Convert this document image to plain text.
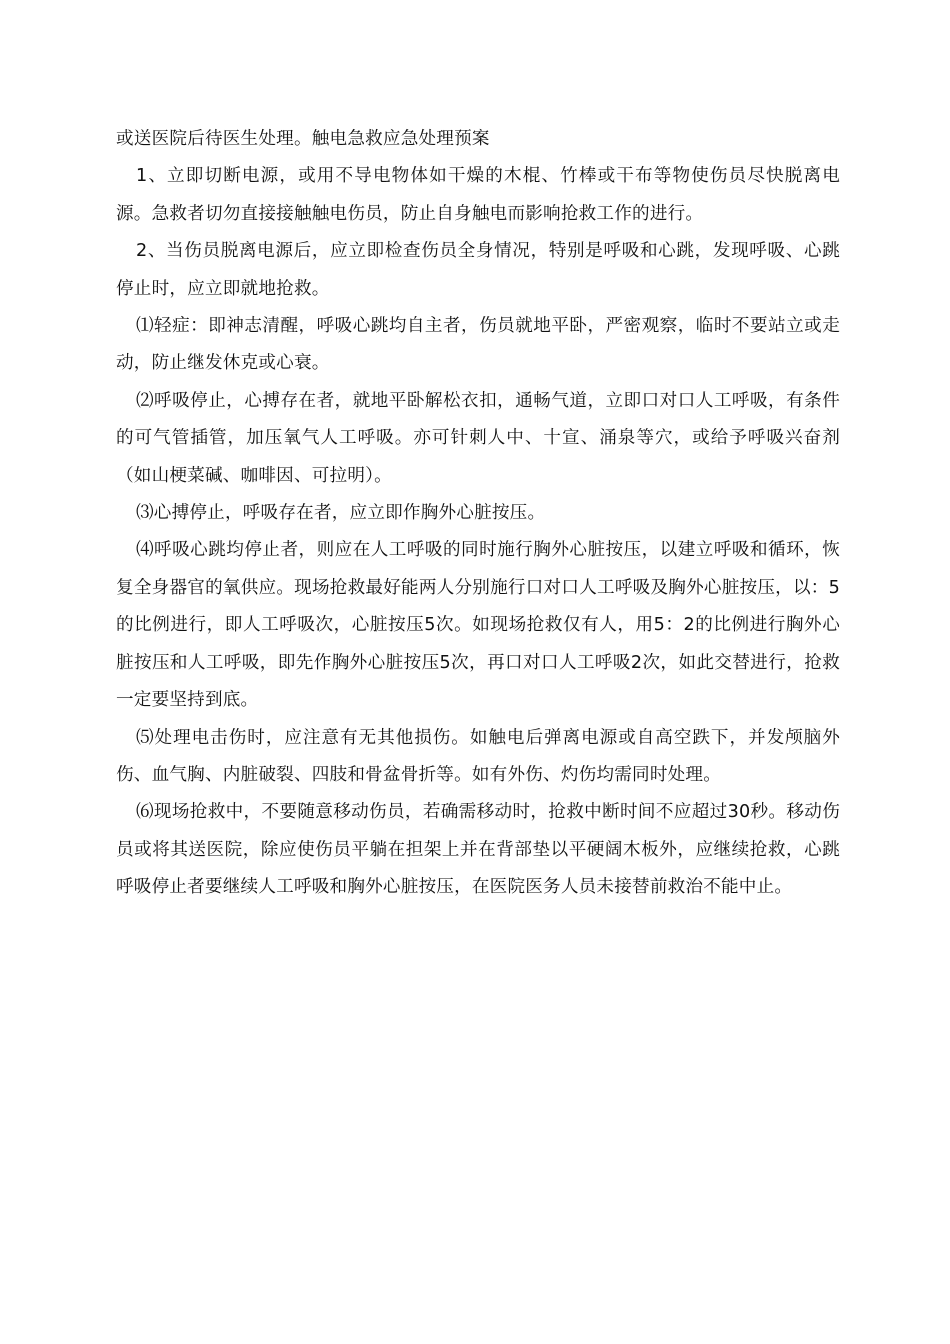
或送医院后待医生处理。触电急救应急处理预案

1、立即切断电源，或用不导电物体如干燥的木棍、竹棒或干布等物使伤员尽快脱离电源。急救者切勿直接接触触电伤员，防止自身触电而影响抢救工作的进行。

2、当伤员脱离电源后，应立即检查伤员全身情况，特别是呼吸和心跳，发现呼吸、心跳停止时，应立即就地抢救。

⑴轻症：即神志清醒，呼吸心跳均自主者，伤员就地平卧，严密观察，临时不要站立或走动，防止继发休克或心衰。

⑵呼吸停止，心搏存在者，就地平卧解松衣扣，通畅气道，立即口对口人工呼吸，有条件的可气管插管，加压氧气人工呼吸。亦可针刺人中、十宣、涌泉等穴，或给予呼吸兴奋剂（如山梗菜碱、咖啡因、可拉明）。

⑶心搏停止，呼吸存在者，应立即作胸外心脏按压。

⑷呼吸心跳均停止者，则应在人工呼吸的同时施行胸外心脏按压，以建立呼吸和循环，恢复全身器官的氧供应。现场抢救最好能两人分别施行口对口人工呼吸及胸外心脏按压，以：5的比例进行，即人工呼吸次，心脏按压5次。如现场抢救仅有人，用5：2的比例进行胸外心脏按压和人工呼吸，即先作胸外心脏按压5次，再口对口人工呼吸2次，如此交替进行，抢救一定要坚持到底。

⑸处理电击伤时，应注意有无其他损伤。如触电后弹离电源或自高空跌下，并发颅脑外伤、血气胸、内脏破裂、四肢和骨盆骨折等。如有外伤、灼伤均需同时处理。

⑹现场抢救中，不要随意移动伤员，若确需移动时，抢救中断时间不应超过30秒。移动伤员或将其送医院，除应使伤员平躺在担架上并在背部垫以平硬阔木板外，应继续抢救，心跳呼吸停止者要继续人工呼吸和胸外心脏按压，在医院医务人员未接替前救治不能中止。
